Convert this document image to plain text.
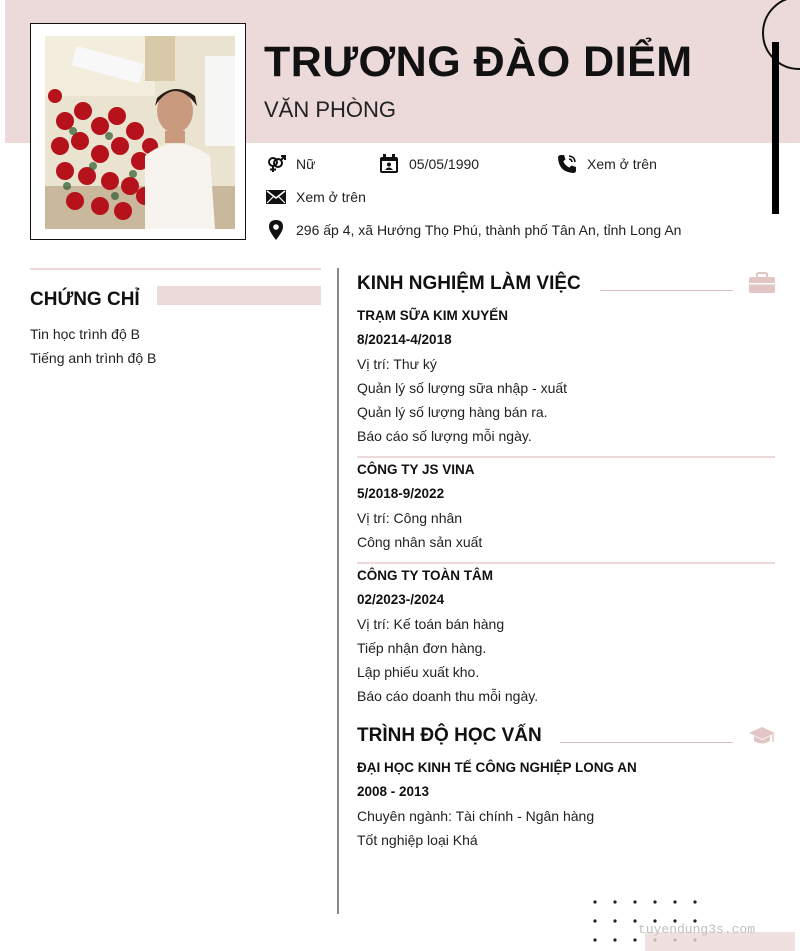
TRƯƠNG ĐÀO DIỂM
VĂN PHÒNG
Nữ	05/05/1990	Xem ở trên
Xem ở trên
296 ấp 4, xã Hướng Thọ Phú, thành phố Tân An, tỉnh Long An
CHỨNG CHỈ
Tin học trình độ B
Tiếng anh trình độ B
KINH NGHIỆM LÀM VIỆC
TRẠM SỮA KIM XUYẾN
8/20214-4/2018
Vị trí: Thư ký
Quản lý số lượng sữa nhập - xuất
Quản lý số lượng hàng bán ra.
Báo cáo số lượng mỗi ngày.
CÔNG TY JS VINA
5/2018-9/2022
Vị trí: Công nhân
Công nhân sản xuất
CÔNG TY TOÀN TÂM
02/2023-/2024
Vị trí: Kế toán bán hàng
Tiếp nhận đơn hàng.
Lập phiếu xuất kho.
Báo cáo doanh thu mỗi ngày.
TRÌNH ĐỘ HỌC VẤN
ĐẠI HỌC KINH TẾ CÔNG NGHIỆP LONG AN
2008 - 2013
Chuyên ngành: Tài chính - Ngân hàng
Tốt nghiệp loại Khá
tuyendung3s.com
